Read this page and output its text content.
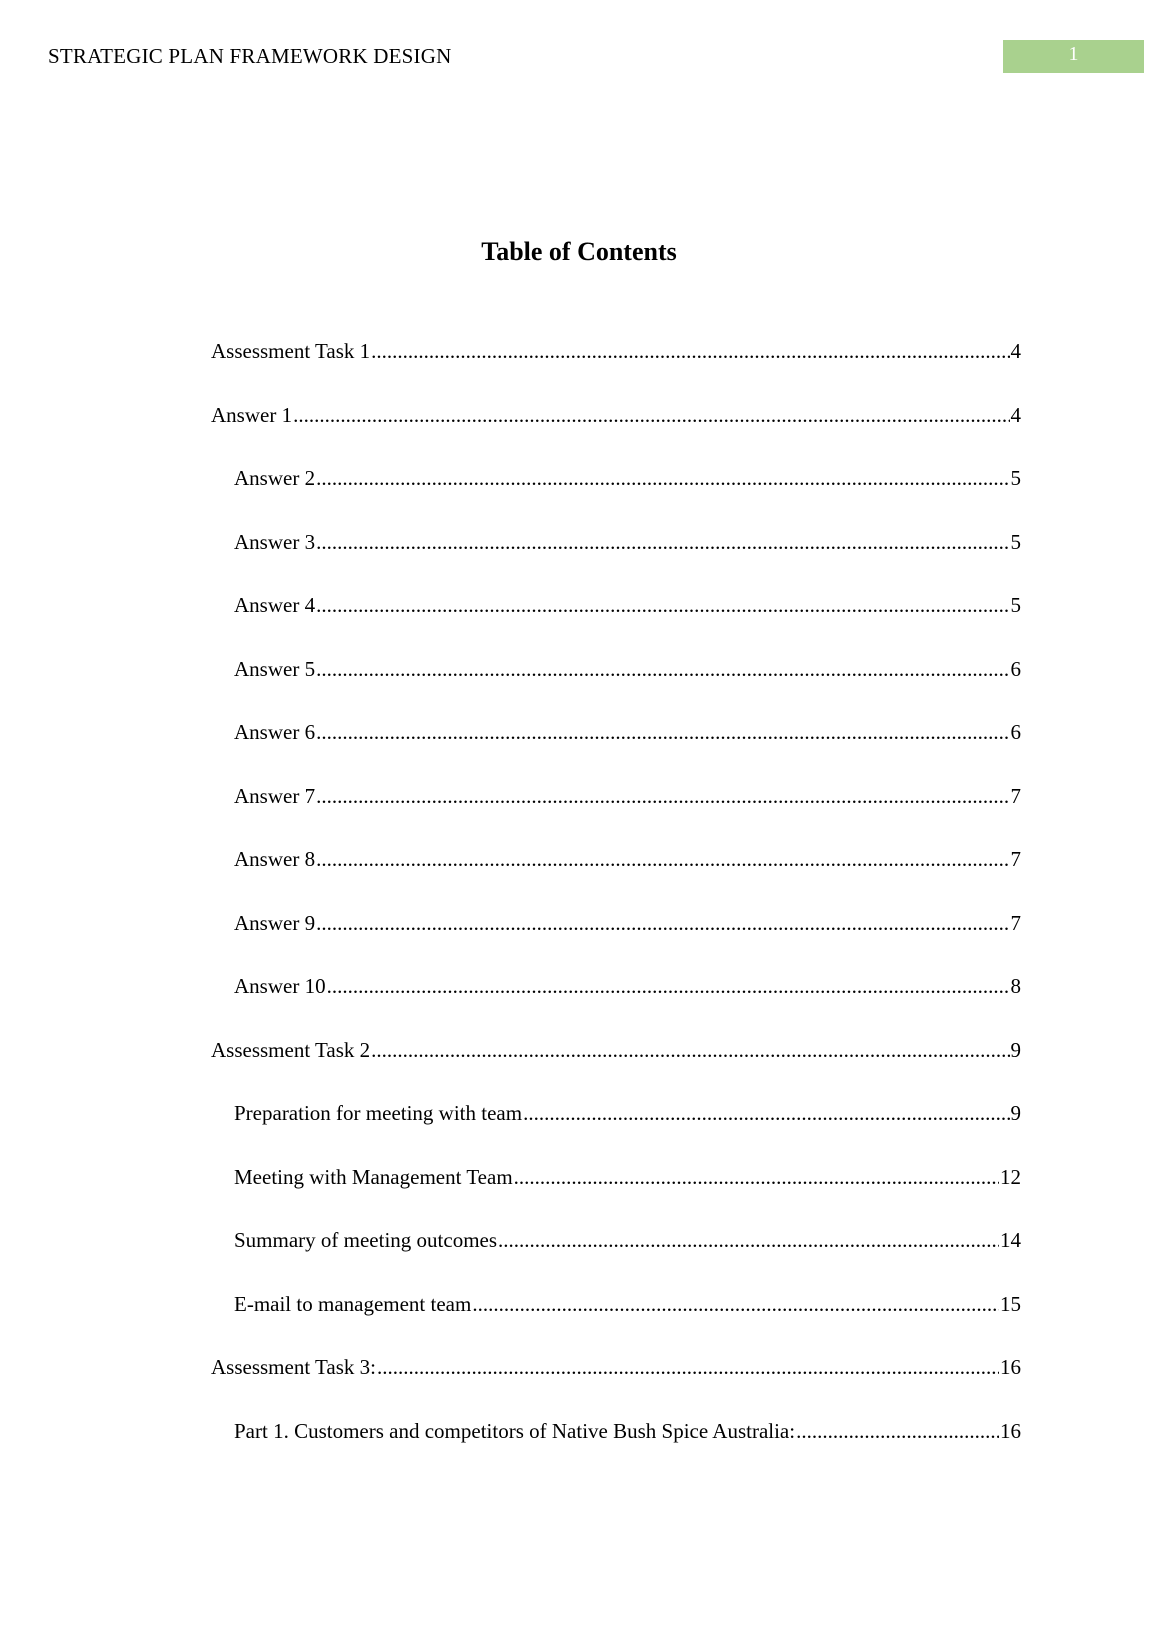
STRATEGIC PLAN FRAMEWORK DESIGN	1
Table of Contents
Assessment Task 1 .....	4
Answer 1 .....	4
Answer 2 .....	5
Answer 3 .....	5
Answer 4 .....	5
Answer 5 .....	6
Answer 6 .....	6
Answer 7 .....	7
Answer 8 .....	7
Answer 9 .....	7
Answer 10 .....	8
Assessment Task 2 .....	9
Preparation for meeting with team .....	9
Meeting with Management Team .....	12
Summary of meeting outcomes .....	14
E-mail to management team .....	15
Assessment Task 3: .....	16
Part 1. Customers and competitors of Native Bush Spice Australia: .....	16
